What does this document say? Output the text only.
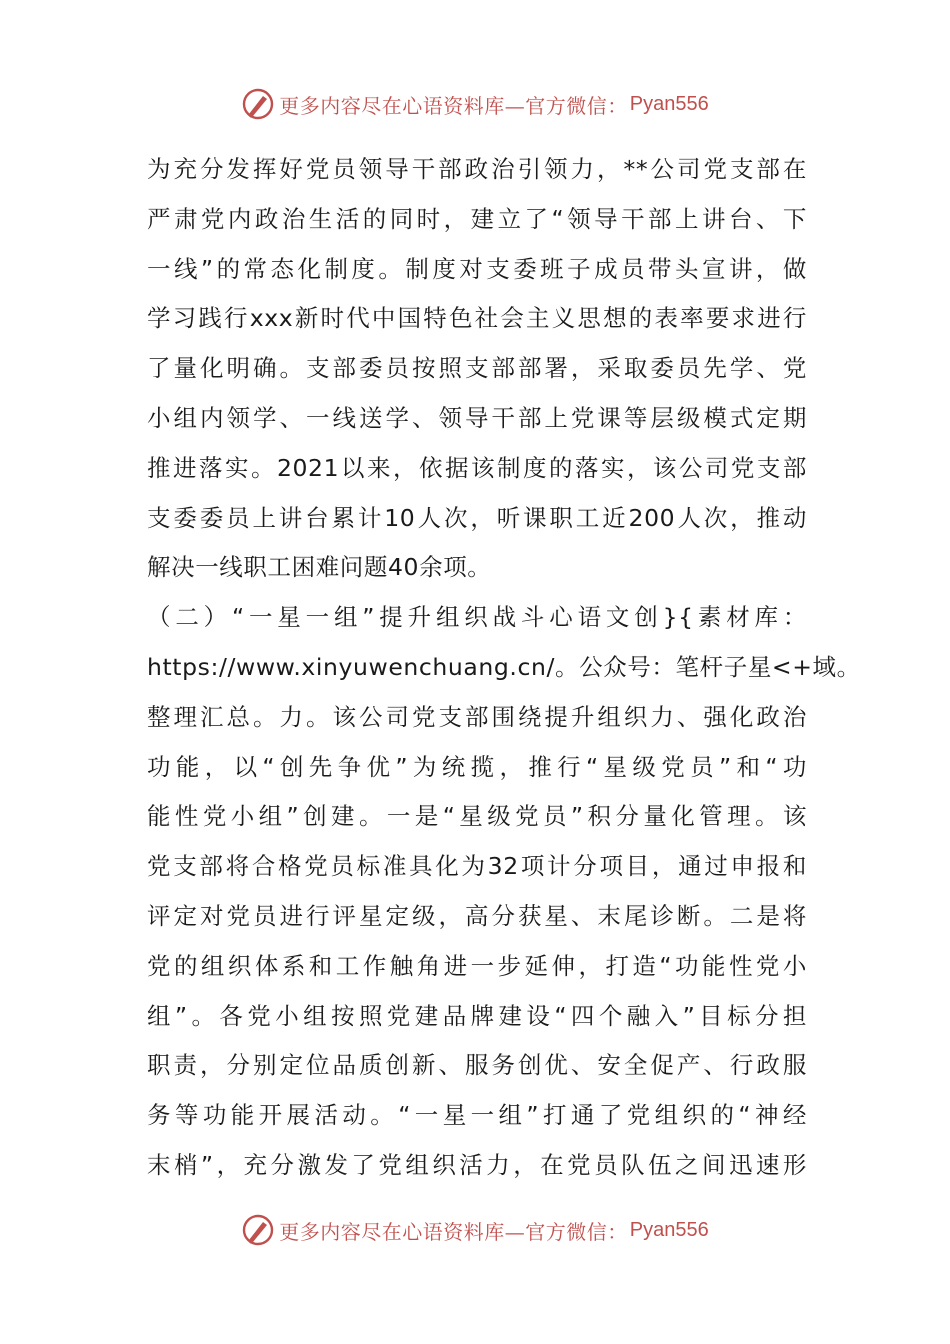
更多内容尽在心语资料库—官方微信： Pyan556
为充分发挥好党员领导干部政治引领力，**公司党支部在
严肃党内政治生活的同时，建立了“领导干部上讲台、下
一线”的常态化制度。制度对支委班子成员带头宣讲，做
学习践行xxx新时代中国特色社会主义思想的表率要求进行
了量化明确。支部委员按照支部部署，采取委员先学、党
小组内领学、一线送学、领导干部上党课等层级模式定期
推进落实。2021以来，依据该制度的落实，该公司党支部
支委委员上讲台累计10人次，听课职工近200人次，推动
解决一线职工困难问题40余项。
（二）“一星一组”提升组织战斗心语文创}{素材库：
https://www.xinyuwenchuang.cn/。公众号：笔杆子星<+域。
整理汇总。力。该公司党支部围绕提升组织力、强化政治
功能，以“创先争优”为统揽，推行“星级党员”和“功
能性党小组”创建。一是“星级党员”积分量化管理。该
党支部将合格党员标准具化为32项计分项目，通过申报和
评定对党员进行评星定级，高分获星、末尾诊断。二是将
党的组织体系和工作触角进一步延伸，打造“功能性党小
组”。各党小组按照党建品牌建设“四个融入”目标分担
职责，分别定位品质创新、服务创优、安全促产、行政服
务等功能开展活动。“一星一组”打通了党组织的“神经
末梢”，充分激发了党组织活力，在党员队伍之间迅速形
更多内容尽在心语资料库—官方微信： Pyan556
